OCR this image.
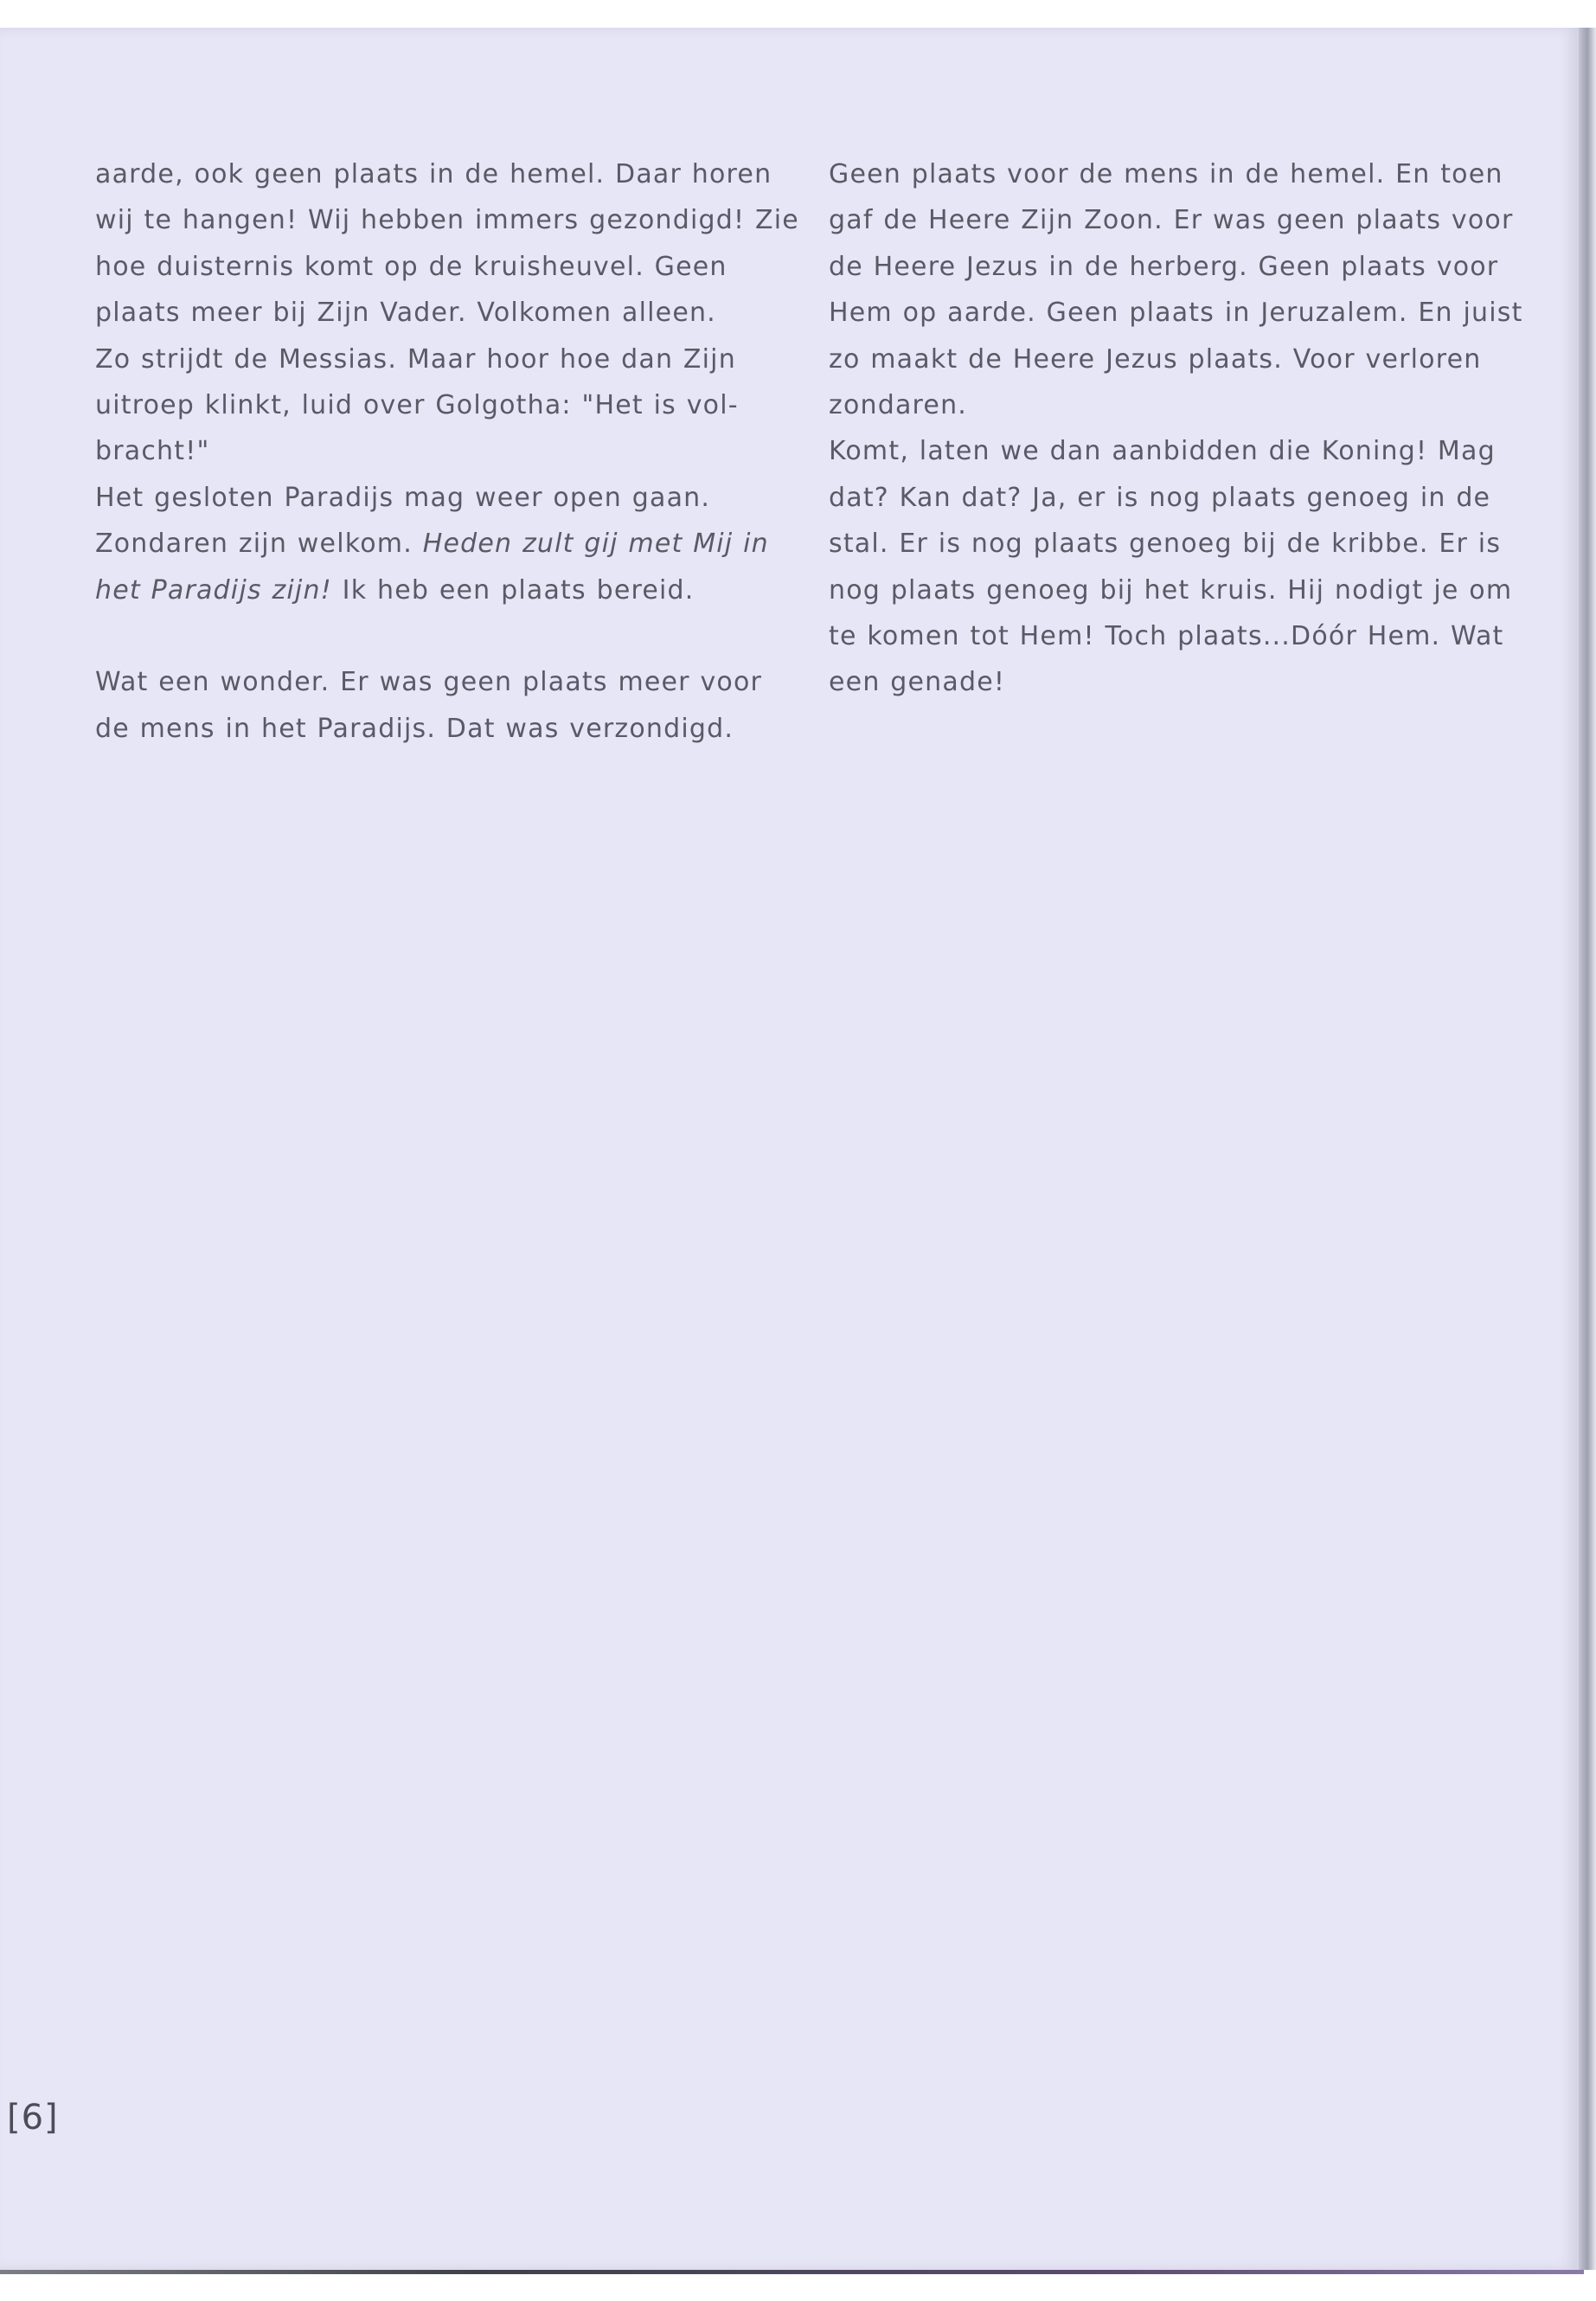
aarde, ook geen plaats in de hemel. Daar horen
wij te hangen! Wij hebben immers gezondigd! Zie
hoe duisternis komt op de kruisheuvel. Geen
plaats meer bij Zijn Vader. Volkomen alleen.
Zo strijdt de Messias. Maar hoor hoe dan Zijn
uitroep klinkt, luid over Golgotha: "Het is vol-
bracht!"
Het gesloten Paradijs mag weer open gaan.
Zondaren zijn welkom. Heden zult gij met Mij in
het Paradijs zijn! Ik heb een plaats bereid.
Wat een wonder. Er was geen plaats meer voor
de mens in het Paradijs. Dat was verzondigd.
Geen plaats voor de mens in de hemel. En toen
gaf de Heere Zijn Zoon. Er was geen plaats voor
de Heere Jezus in de herberg. Geen plaats voor
Hem op aarde. Geen plaats in Jeruzalem. En juist
zo maakt de Heere Jezus plaats. Voor verloren
zondaren.
Komt, laten we dan aanbidden die Koning! Mag
dat? Kan dat? Ja, er is nog plaats genoeg in de
stal. Er is nog plaats genoeg bij de kribbe. Er is
nog plaats genoeg bij het kruis. Hij nodigt je om
te komen tot Hem! Toch plaats...Dóór Hem. Wat
een genade!
[6]
